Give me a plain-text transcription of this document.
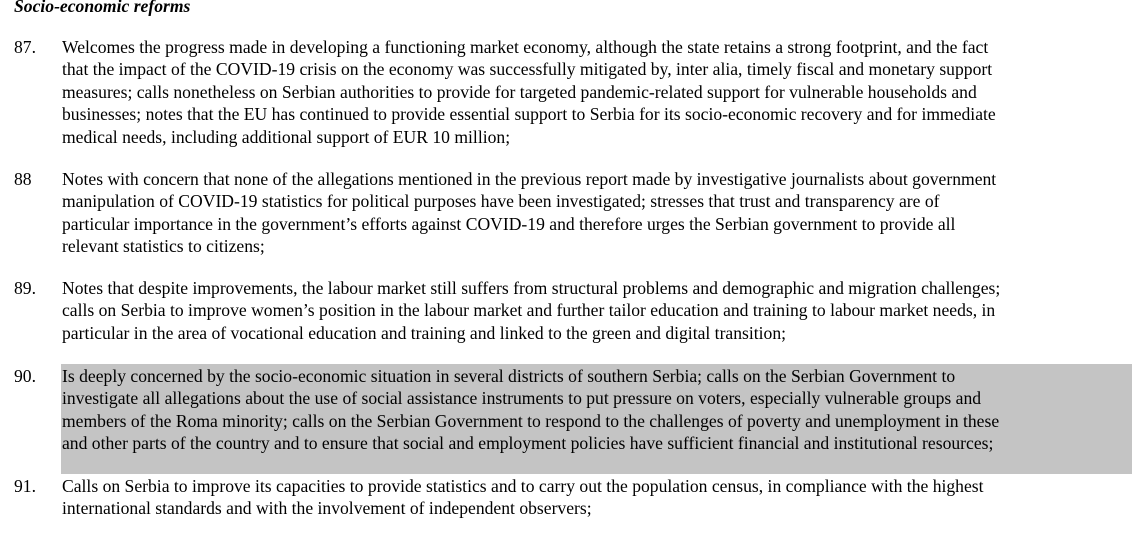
Socio-economic reforms
87. Welcomes the progress made in developing a functioning market economy, although the state retains a strong footprint, and the fact
that the impact of the COVID-19 crisis on the economy was successfully mitigated by, inter alia, timely fiscal and monetary support
measures; calls nonetheless on Serbian authorities to provide for targeted pandemic-related support for vulnerable households and
businesses; notes that the EU has continued to provide essential support to Serbia for its socio-economic recovery and for immediate
medical needs, including additional support of EUR 10 million;
88 Notes with concern that none of the allegations mentioned in the previous report made by investigative journalists about government
manipulation of COVID-19 statistics for political purposes have been investigated; stresses that trust and transparency are of
particular importance in the government’s efforts against COVID-19 and therefore urges the Serbian government to provide all
relevant statistics to citizens;
89. Notes that despite improvements, the labour market still suffers from structural problems and demographic and migration challenges;
calls on Serbia to improve women’s position in the labour market and further tailor education and training to labour market needs, in
particular in the area of vocational education and training and linked to the green and digital transition;
90. Is deeply concerned by the socio-economic situation in several districts of southern Serbia; calls on the Serbian Government to
investigate all allegations about the use of social assistance instruments to put pressure on voters, especially vulnerable groups and
members of the Roma minority; calls on the Serbian Government to respond to the challenges of poverty and unemployment in these
and other parts of the country and to ensure that social and employment policies have sufficient financial and institutional resources;
91. Calls on Serbia to improve its capacities to provide statistics and to carry out the population census, in compliance with the highest
international standards and with the involvement of independent observers;
